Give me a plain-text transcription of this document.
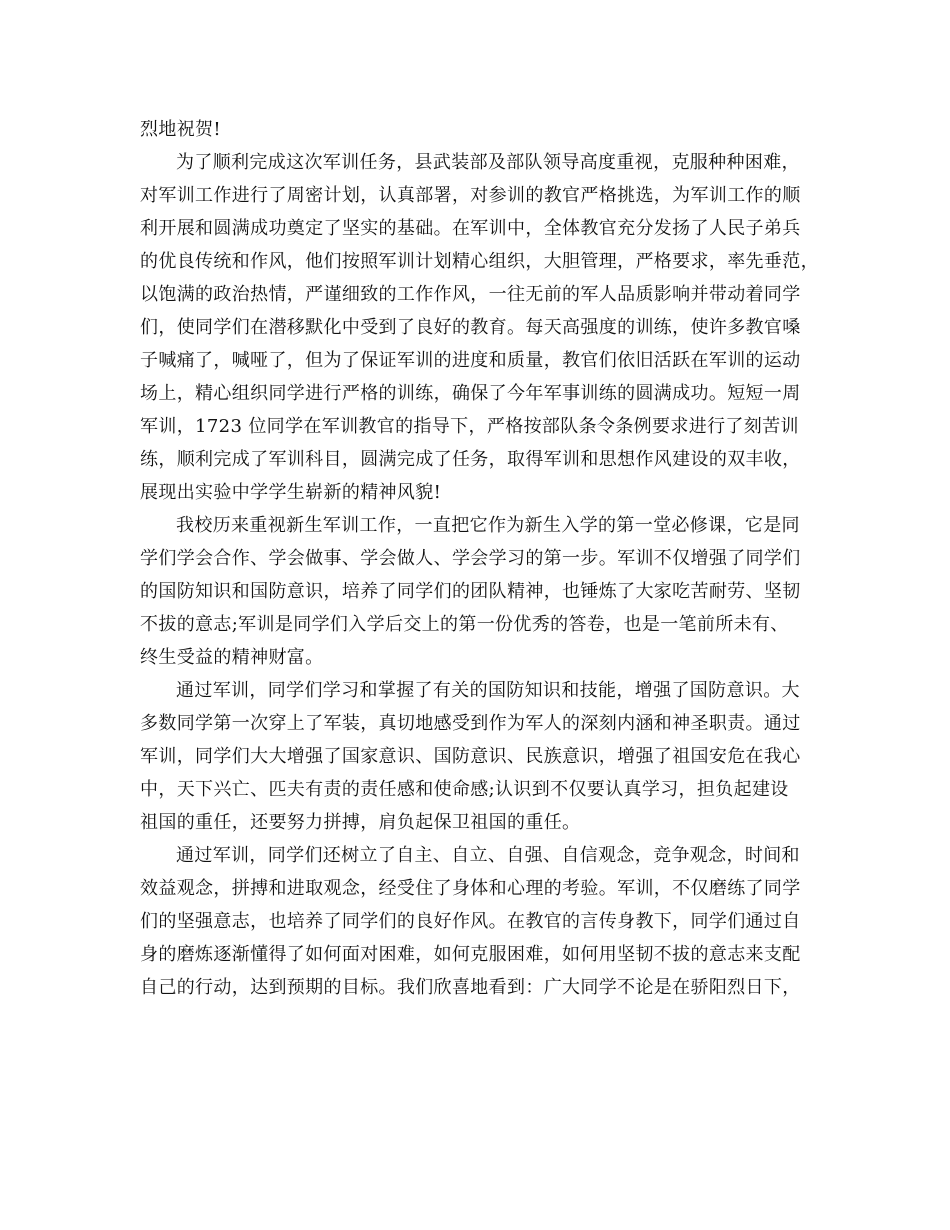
烈地祝贺!
为了顺利完成这次军训任务，县武装部及部队领导高度重视，克服种种困难，
对军训工作进行了周密计划，认真部署，对参训的教官严格挑选，为军训工作的顺
利开展和圆满成功奠定了坚实的基础。在军训中，全体教官充分发扬了人民子弟兵
的优良传统和作风，他们按照军训计划精心组织，大胆管理，严格要求，率先垂范，
以饱满的政治热情，严谨细致的工作作风，一往无前的军人品质影响并带动着同学
们，使同学们在潜移默化中受到了良好的教育。每天高强度的训练，使许多教官嗓
子喊痛了，喊哑了，但为了保证军训的进度和质量，教官们依旧活跃在军训的运动
场上，精心组织同学进行严格的训练，确保了今年军事训练的圆满成功。短短一周
军训，1723 位同学在军训教官的指导下，严格按部队条令条例要求进行了刻苦训
练，顺利完成了军训科目，圆满完成了任务，取得军训和思想作风建设的双丰收，
展现出实验中学学生崭新的精神风貌!
我校历来重视新生军训工作，一直把它作为新生入学的第一堂必修课，它是同
学们学会合作、学会做事、学会做人、学会学习的第一步。军训不仅增强了同学们
的国防知识和国防意识，培养了同学们的团队精神，也锤炼了大家吃苦耐劳、坚韧
不拔的意志;军训是同学们入学后交上的第一份优秀的答卷，也是一笔前所未有、
终生受益的精神财富。
通过军训，同学们学习和掌握了有关的国防知识和技能，增强了国防意识。大
多数同学第一次穿上了军装，真切地感受到作为军人的深刻内涵和神圣职责。通过
军训，同学们大大增强了国家意识、国防意识、民族意识，增强了祖国安危在我心
中，天下兴亡、匹夫有责的责任感和使命感;认识到不仅要认真学习，担负起建设
祖国的重任，还要努力拼搏，肩负起保卫祖国的重任。
通过军训，同学们还树立了自主、自立、自强、自信观念，竞争观念，时间和
效益观念，拼搏和进取观念，经受住了身体和心理的考验。军训，不仅磨练了同学
们的坚强意志，也培养了同学们的良好作风。在教官的言传身教下，同学们通过自
身的磨炼逐渐懂得了如何面对困难，如何克服困难，如何用坚韧不拔的意志来支配
自己的行动，达到预期的目标。我们欣喜地看到：广大同学不论是在骄阳烈日下，
